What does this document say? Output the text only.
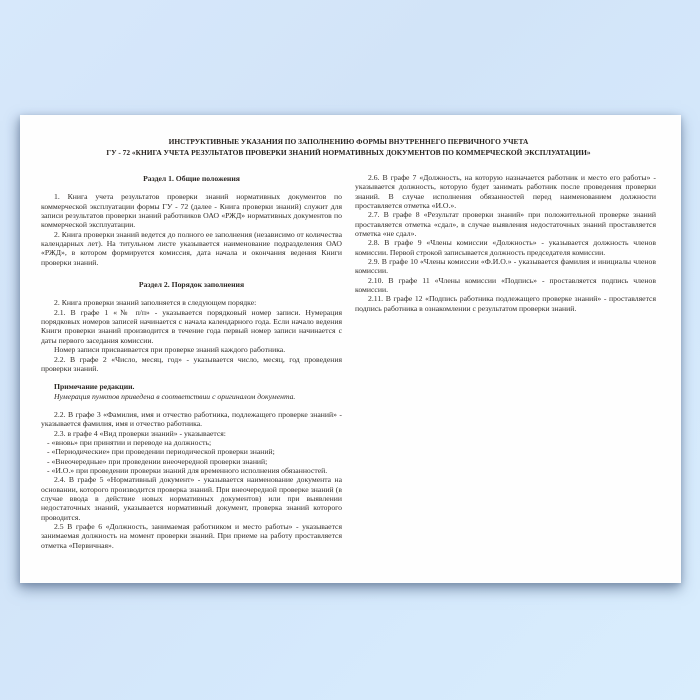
ИНСТРУКТИВНЫЕ УКАЗАНИЯ ПО ЗАПОЛНЕНИЮ ФОРМЫ ВНУТРЕННЕГО ПЕРВИЧНОГО УЧЕТА
ГУ - 72 «КНИГА УЧЕТА РЕЗУЛЬТАТОВ ПРОВЕРКИ ЗНАНИЙ НОРМАТИВНЫХ ДОКУМЕНТОВ ПО КОММЕРЧЕСКОЙ ЭКСПЛУАТАЦИИ»

Раздел 1. Общие положения

1. Книга учета результатов проверки знаний нормативных документов по коммерческой эксплуатации формы ГУ - 72 (далее - Книга проверки знаний) служит для записи результатов проверки знаний работников ОАО «РЖД» нормативных документов по коммерческой эксплуатации.

2. Книга проверки знаний ведется до полного ее заполнения (независимо от количества календарных лет). На титульном листе указывается наименование подразделения ОАО «РЖД», в котором формируется комиссия, дата начала и окончания ведения Книги проверки знаний.

Раздел 2. Порядок заполнения

2. Книга проверки знаний заполняется в следующем порядке:

2.1. В графе 1 «№ п/п» - указывается порядковый номер записи. Нумерация порядковых номеров записей начинается с начала календарного года. Если начало ведения Книги проверки знаний производится в течение года первый номер записи начинается с даты первого заседания комиссии.

Номер записи присваивается при проверке знаний каждого работника.

2.2. В графе 2 «Число, месяц, год» - указывается число, месяц, год проведения проверки знаний.

Примечание редакции.

Нумерация пунктов приведена в соответствии с оригиналом документа.

2.2. В графе 3 «Фамилия, имя и отчество работника, подлежащего проверке знаний» - указывается фамилия, имя и отчество работника.

2.3. в графе 4 «Вид проверки знаний» - указывается:

- «вновь» при принятии и переводе на должность;

- «Периодические» при проведении периодической проверки знаний;

- «Внеочередные» при проведении внеочередной проверки знаний;

- «И.О.» при проведении проверки знаний для временного исполнения обязанностей.

2.4. В графе 5 «Нормативный документ» - указывается наименование документа на основании, которого производится проверка знаний. При внеочередной проверке знаний (в случае ввода в действие новых нормативных документов) или при выявлении недостаточных знаний, указывается нормативный документ, проверка знаний которого проводится.

2.5 В графе 6 «Должность, занимаемая работником и место работы» - указывается занимаемая должность на момент проверки знаний. При приеме на работу проставляется отметка «Первичная».

2.6. В графе 7 «Должность, на которую назначается работник и место его работы» - указывается должность, которую будет занимать работник после проведения проверки знаний. В случае исполнения обязанностей перед наименованием должности проставляется отметка «И.О.».

2.7. В графе 8 «Результат проверки знаний» при положительной проверке знаний проставляется отметка «сдал», в случае выявления недостаточных знаний проставляется отметка «не сдал».

2.8. В графе 9 «Члены комиссии «Должность» - указывается должность членов комиссии. Первой строкой записывается должность председателя комиссии.

2.9. В графе 10 «Члены комиссии «Ф.И.О.» - указывается фамилия и инициалы членов комиссии.

2.10. В графе 11 «Члены комиссии «Подпись» - проставляется подпись членов комиссии.

2.11. В графе 12 «Подпись работника подлежащего проверке знаний» - проставляется подпись работника в ознакомлении с результатом проверки знаний.
